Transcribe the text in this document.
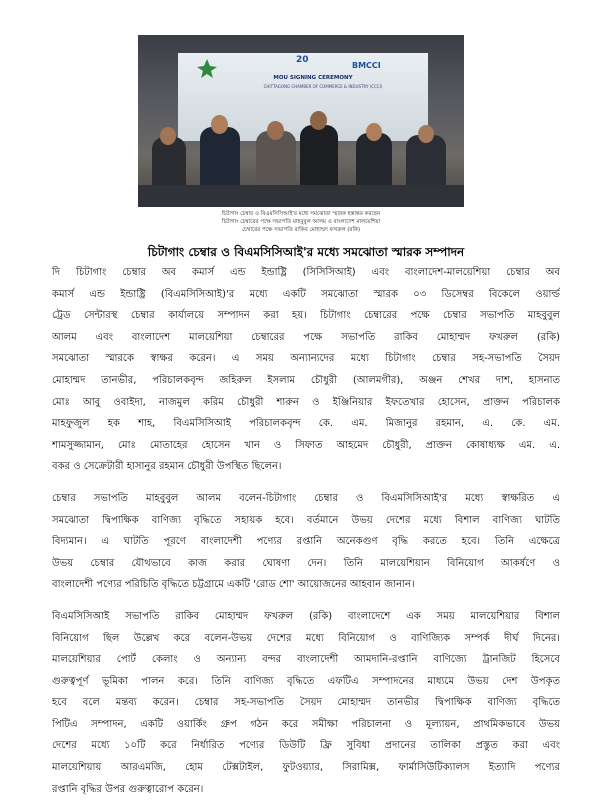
20
BMCCI
MOU SIGNING CEREMONY
CHITTAGONG CHAMBER OF COMMERCE & INDUSTRY (CCCI)
চিটাগাং চেম্বার ও বিএমসিসিআই'র মধ্যে সমঝোতা স্মারক হস্তান্তর করছেন
চিটাগাং চেম্বারের পক্ষে সভাপতি মাহবুবুল আলম ও বাংলাদেশ মালয়েশিয়া
চেম্বারের পক্ষে সভাপতি রাকিব মোহাম্মদ ফখরুল (রকি)
চিটাগাং চেম্বার ও বিএমসিসিআই'র মধ্যে সমঝোতা স্মারক সম্পাদন
দি চিটাগাং চেম্বার অব কমার্স এন্ড ইন্ডাষ্ট্রি (সিসিসিআই) এবং বাংলাদেশ-মালয়েশিয়া চেম্বার অব
কমার্স এন্ড ইন্ডাষ্ট্রি (বিএমসিসিআই)'র মধ্যে একটি সমঝোতা স্মারক ০৩ ডিসেম্বর বিকেলে ওয়ার্ল্ড
ট্রেড সেন্টারস্থ চেম্বার কার্যালয়ে সম্পাদন করা হয়। চিটাগাং চেম্বারের পক্ষে চেম্বার সভাপতি মাহবুবুল
আলম এবং বাংলাদেশ মালয়েশিয়া চেম্বারের পক্ষে সভাপতি রাকিব মোহাম্মদ ফখরুল (রকি)
সমঝোতা স্মারকে স্বাক্ষর করেন। এ সময় অন্যান্যদের মধ্যে চিটাগাং চেম্বার সহ-সভাপতি সৈয়দ
মোহাম্মদ তানভীর, পরিচালকবৃন্দ জহিরুল ইসলাম চৌধুরী (আলমগীর), অঞ্জন শেখর দাশ, হাসনাত
মোঃ আবু ওবাইদা, নাজমুল করিম চৌধুরী শারুন ও ইঞ্জিনিয়ার ইফতেখার হোসেন, প্রাক্তন পরিচালক
মাহফুজুল হক শাহ, বিএমসিসিআই পরিচালকবৃন্দ কে. এম. মিজানুর রহমান, এ. কে. এম.
শামসুজ্জামান, মোঃ মোতাহের হোসেন খান ও সিফাত আহমেদ চৌধুরী, প্রাক্তন কোষাধ্যক্ষ এম. এ.
বকর ও সেক্রেটারী হাসানুর রহমান চৌধুরী উপস্থিত ছিলেন।
চেম্বার সভাপতি মাহবুবুল আলম বলেন-চিটাগাং চেম্বার ও বিএমসিসিআই'র মধ্যে স্বাক্ষরিত এ
সমঝোতা দ্বিপাক্ষিক বাণিজ্য বৃদ্ধিতে সহায়ক হবে। বর্তমানে উভয় দেশের মধ্যে বিশাল বাণিজ্য ঘাটতি
বিদ্যমান। এ ঘাটতি পূরণে বাংলাদেশী পণ্যের রপ্তানি অনেকগুণ বৃদ্ধি করতে হবে। তিনি এক্ষেত্রে
উভয় চেম্বার যৌথভাবে কাজ করার ঘোষণা দেন। তিনি মালয়েশিয়ান বিনিয়োগ আকর্ষণে ও
বাংলাদেশী পণ্যের পরিচিতি বৃদ্ধিতে চট্টগ্রামে একটি 'রোড শো' আয়োজনের আহবান জানান।
বিএমসিসিআই সভাপতি রাকিব মোহাম্মদ ফখরুল (রকি) বাংলাদেশে এক সময় মালয়েশিয়ার বিশাল
বিনিয়োগ ছিল উল্লেখ করে বলেন-উভয় দেশের মধ্যে বিনিয়োগ ও বাণিজ্যিক সম্পর্ক দীর্ঘ দিনের।
মালয়েশিয়ার পোর্ট কেলাং ও অন্যান্য বন্দর বাংলাদেশী আমদানি-রপ্তানি বাণিজ্যে ট্রানজিট হিসেবে
গুরুত্বপূর্ণ ভূমিকা পালন করে। তিনি বাণিজ্য বৃদ্ধিতে এফটিএ সম্পাদনের মাধ্যমে উভয় দেশ উপকৃত
হবে বলে মন্তব্য করেন। চেম্বার সহ-সভাপতি সৈয়দ মোহাম্মদ তানভীর দ্বিপাক্ষিক বাণিজ্য বৃদ্ধিতে
পিটিএ সম্পাদন, একটি ওয়ার্কিং গ্রুপ গঠন করে সমীক্ষা পরিচালনা ও মূল্যায়ন, প্রাথমিকভাবে উভয়
দেশের মধ্যে ১০টি করে নির্ধারিত পণ্যের ডিউটি ফ্রি সুবিধা প্রদানের তালিকা প্রস্তুত করা এবং
মালয়েশিয়ায় আরএমজি, হোম টেক্সটাইল, ফুটওয়্যার, সিরামিক্স, ফার্মাসিউটিক্যালস ইত্যাদি পণ্যের
রপ্তানি বৃদ্ধির উপর গুরুত্বারোপ করেন।
